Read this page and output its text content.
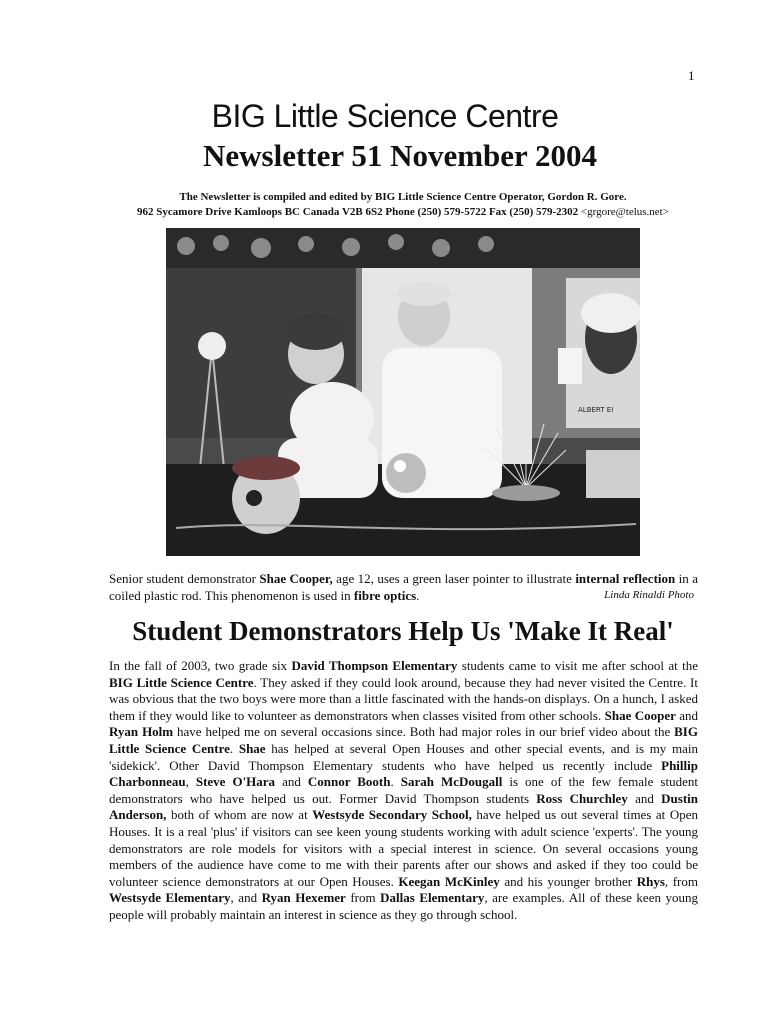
1
BIG Little Science Centre
Newsletter 51 November 2004
The Newsletter is compiled and edited by BIG Little Science Centre Operator, Gordon R. Gore.
962 Sycamore Drive Kamloops BC Canada V2B 6S2 Phone (250) 579-5722 Fax (250) 579-2302 <grgore@telus.net>
ALBERT EI
Senior student demonstrator Shae Cooper, age 12, uses a green laser pointer to illustrate internal reflection in a coiled plastic rod. This phenomenon is used in fibre optics.	Linda Rinaldi Photo
Student Demonstrators Help Us 'Make It Real'

In the fall of 2003, two grade six David Thompson Elementary students came to visit me after school at the BIG Little Science Centre. They asked if they could look around, because they had never visited the Centre. It was obvious that the two boys were more than a little fascinated with the hands-on displays. On a hunch, I asked them if they would like to volunteer as demonstrators when classes visited from other schools. Shae Cooper and Ryan Holm have helped me on several occasions since. Both had major roles in our brief video about the BIG Little Science Centre. Shae has helped at several Open Houses and other special events, and is my main 'sidekick'. Other David Thompson Elementary students who have helped us recently include Phillip Charbonneau, Steve O'Hara and Connor Booth. Sarah McDougall is one of the few female student demonstrators who have helped us out. Former David Thompson students Ross Churchley and Dustin Anderson, both of whom are now at Westsyde Secondary School, have helped us out several times at Open Houses. It is a real 'plus' if visitors can see keen young students working with adult science 'experts'. The young demonstrators are role models for visitors with a special interest in science. On several occasions young members of the audience have come to me with their parents after our shows and asked if they too could be volunteer science demonstrators at our Open Houses. Keegan McKinley and his younger brother Rhys, from Westsyde Elementary, and Ryan Hexemer from Dallas Elementary, are examples. All of these keen young people will probably maintain an interest in science as they go through school.
